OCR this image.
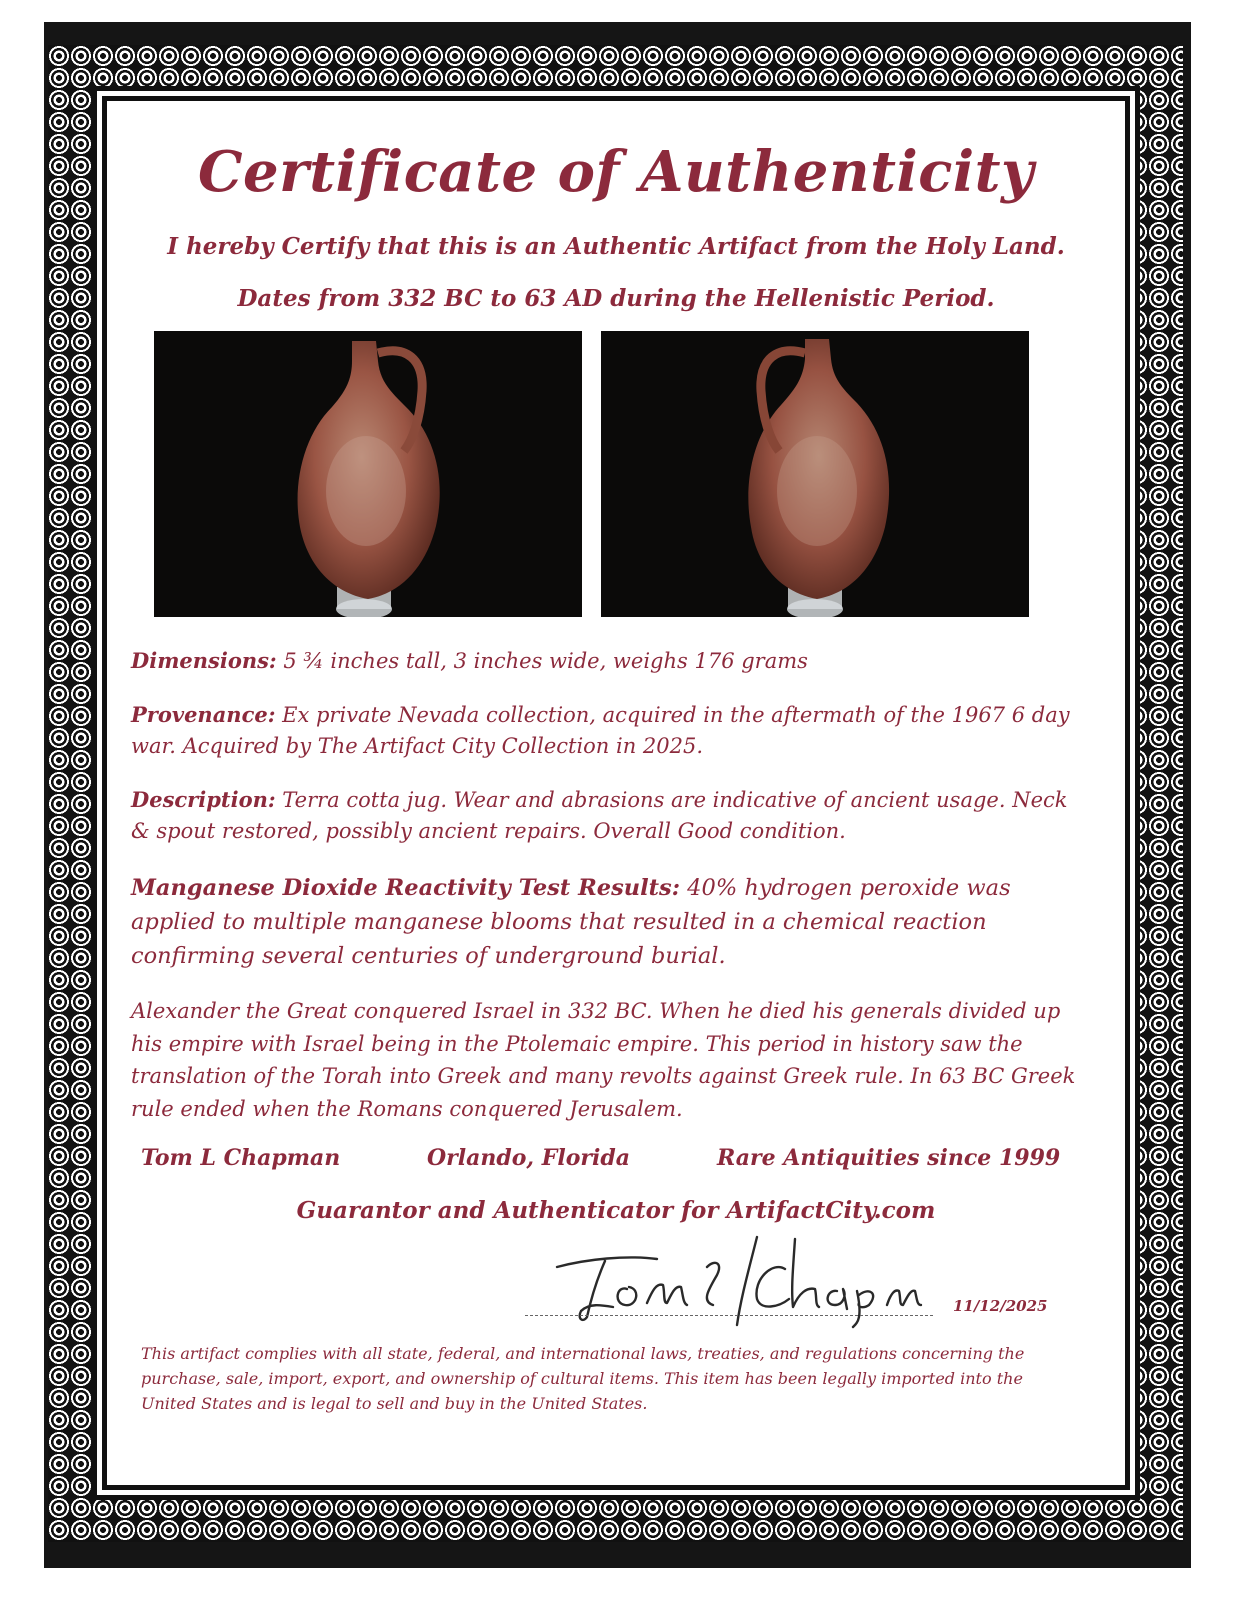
Certificate of Authenticity
I hereby Certify that this is an Authentic Artifact from the Holy Land.
Dates from 332 BC to 63 AD during the Hellenistic Period.
Dimensions: 5 ¾ inches tall, 3 inches wide, weighs 176 grams
Provenance: Ex private Nevada collection, acquired in the aftermath of the 1967 6 day war. Acquired by The Artifact City Collection in 2025.
Description: Terra cotta jug. Wear and abrasions are indicative of ancient usage. Neck & spout restored, possibly ancient repairs. Overall Good condition.
Manganese Dioxide Reactivity Test Results: 40% hydrogen peroxide was applied to multiple manganese blooms that resulted in a chemical reaction confirming several centuries of underground burial.
Alexander the Great conquered Israel in 332 BC. When he died his generals divided up his empire with Israel being in the Ptolemaic empire. This period in history saw the translation of the Torah into Greek and many revolts against Greek rule. In 63 BC Greek rule ended when the Romans conquered Jerusalem.
Tom L Chapman	Orlando, Florida	Rare Antiquities since 1999
Guarantor and Authenticator for ArtifactCity.com
11/12/2025
This artifact complies with all state, federal, and international laws, treaties, and regulations concerning the purchase, sale, import, export, and ownership of cultural items. This item has been legally imported into the United States and is legal to sell and buy in the United States.
